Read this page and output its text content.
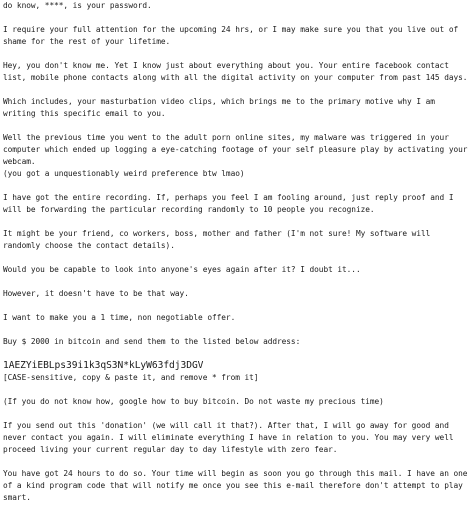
do know, ****, is your password.

I require your full attention for the upcoming 24 hrs, or I may make sure you that you live out of shame for the rest of your lifetime.

Hey, you don't know me. Yet I know just about everything about you. Your entire facebook contact list, mobile phone contacts along with all the digital activity on your computer from past 145 days.

Which includes, your masturbation video clips, which brings me to the primary motive why I am writing this specific email to you.

Well the previous time you went to the adult porn online sites, my malware was triggered in your computer which ended up logging a eye-catching footage of your self pleasure play by activating your webcam.

(you got a unquestionably weird preference btw lmao)

I have got the entire recording. If, perhaps you feel I am fooling around, just reply proof and I will be forwarding the particular recording randomly to 10 people you recognize.

It might be your friend, co workers, boss, mother and father (I'm not sure! My software will randomly choose the contact details).

Would you be capable to look into anyone's eyes again after it? I doubt it...

However, it doesn't have to be that way.

I want to make you a 1 time, non negotiable offer.

Buy $ 2000 in bitcoin and send them to the listed below address:

1AEZYiEBLps39i1k3qS3N*kLyW63fdj3DGV

[CASE-sensitive, copy & paste it, and remove * from it]

(If you do not know how, google how to buy bitcoin. Do not waste my precious time)

If you send out this 'donation' (we will call it that?). After that, I will go away for good and never contact you again. I will eliminate everything I have in relation to you. You may very well proceed living your current regular day to day lifestyle with zero fear.

You have got 24 hours to do so. Your time will begin as soon you go through this mail. I have an one of a kind program code that will notify me once you see this e-mail therefore don't attempt to play smart.
